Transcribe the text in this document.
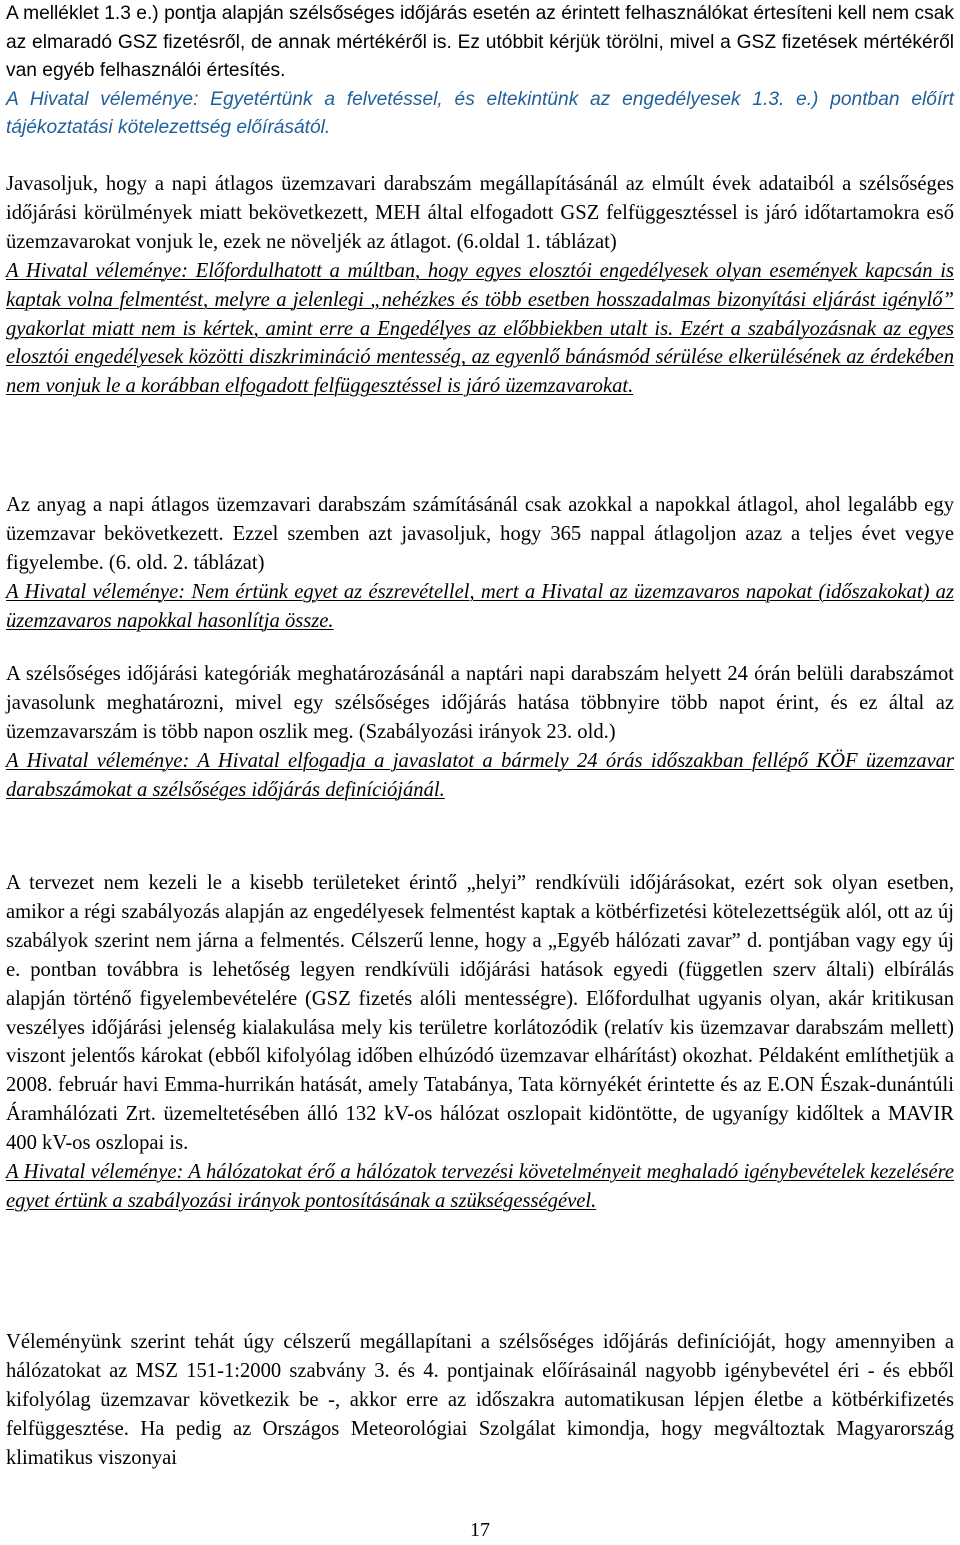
A melléklet 1.3 e.) pontja alapján szélsőséges időjárás esetén az érintett felhasználókat értesíteni kell nem csak az elmaradó GSZ fizetésről, de annak mértékéről is. Ez utóbbit kérjük törölni, mivel a GSZ fizetések mértékéről van egyéb felhasználói értesítés.

A Hivatal véleménye: Egyetértünk a felvetéssel, és eltekintünk az engedélyesek 1.3. e.) pontban előírt tájékoztatási kötelezettség előírásától.

Javasoljuk, hogy a napi átlagos üzemzavari darabszám megállapításánál az elmúlt évek adataiból a szélsőséges időjárási körülmények miatt bekövetkezett, MEH által elfogadott GSZ felfüggesztéssel is járó időtartamokra eső üzemzavarokat vonjuk le, ezek ne növeljék az átlagot. (6.oldal 1. táblázat)

A Hivatal véleménye: Előfordulhatott a múltban, hogy egyes elosztói engedélyesek olyan események kapcsán is kaptak volna felmentést, melyre a jelenlegi „nehézkes és több esetben hosszadalmas bizonyítási eljárást igénylő” gyakorlat miatt nem is kértek, amint erre a Engedélyes az előbbiekben utalt is. Ezért a szabályozásnak az egyes elosztói engedélyesek közötti diszkrimináció mentesség, az egyenlő bánásmód sérülése elkerülésének az érdekében nem vonjuk le a korábban elfogadott felfüggesztéssel is járó üzemzavarokat.

Az anyag a napi átlagos üzemzavari darabszám számításánál csak azokkal a napokkal átlagol, ahol legalább egy üzemzavar bekövetkezett. Ezzel szemben azt javasoljuk, hogy 365 nappal átlagoljon azaz a teljes évet vegye figyelembe. (6. old. 2. táblázat)

A Hivatal véleménye: Nem értünk egyet az észrevétellel, mert a Hivatal az üzemzavaros napokat (időszakokat) az üzemzavaros napokkal hasonlítja össze.

A szélsőséges időjárási kategóriák meghatározásánál a naptári napi darabszám helyett 24 órán belüli darabszámot javasolunk meghatározni, mivel egy szélsőséges időjárás hatása többnyire több napot érint, és ez által az üzemzavarszám is több napon oszlik meg. (Szabályozási irányok 23. old.)

A Hivatal véleménye: A Hivatal elfogadja a javaslatot a bármely 24 órás időszakban fellépő KÖF üzemzavar darabszámokat a szélsőséges időjárás definíciójánál.

A tervezet nem kezeli le a kisebb területeket érintő „helyi” rendkívüli időjárásokat, ezért sok olyan esetben, amikor a régi szabályozás alapján az engedélyesek felmentést kaptak a kötbérfizetési kötelezettségük alól, ott az új szabályok szerint nem járna a felmentés. Célszerű lenne, hogy a „Egyéb hálózati zavar” d. pontjában vagy egy új e. pontban továbbra is lehetőség legyen rendkívüli időjárási hatások egyedi (független szerv általi) elbírálás alapján történő figyelembevételére (GSZ fizetés alóli mentességre). Előfordulhat ugyanis olyan, akár kritikusan veszélyes időjárási jelenség kialakulása mely kis területre korlátozódik (relatív kis üzemzavar darabszám mellett) viszont jelentős károkat (ebből kifolyólag időben elhúzódó üzemzavar elhárítást) okozhat. Példaként említhetjük a 2008. február havi Emma-hurrikán hatását, amely Tatabánya, Tata környékét érintette és az E.ON Észak-dunántúli Áramhálózati Zrt. üzemeltetésében álló 132 kV-os hálózat oszlopait kidöntötte, de ugyanígy kidőltek a MAVIR 400 kV-os oszlopai is.

A Hivatal véleménye: A hálózatokat érő a hálózatok tervezési követelményeit meghaladó igénybevételek kezelésére egyet értünk a szabályozási irányok pontosításának a szükségességével.

Véleményünk szerint tehát úgy célszerű megállapítani a szélsőséges időjárás definícióját, hogy amennyiben a hálózatokat az MSZ 151-1:2000 szabvány 3. és 4. pontjainak előírásainál nagyobb igénybevétel éri - és ebből kifolyólag üzemzavar következik be -, akkor erre az időszakra automatikusan lépjen életbe a kötbérkifizetés felfüggesztése. Ha pedig az Országos Meteorológiai Szolgálat kimondja, hogy megváltoztak Magyarország klimatikus viszonyai

17
